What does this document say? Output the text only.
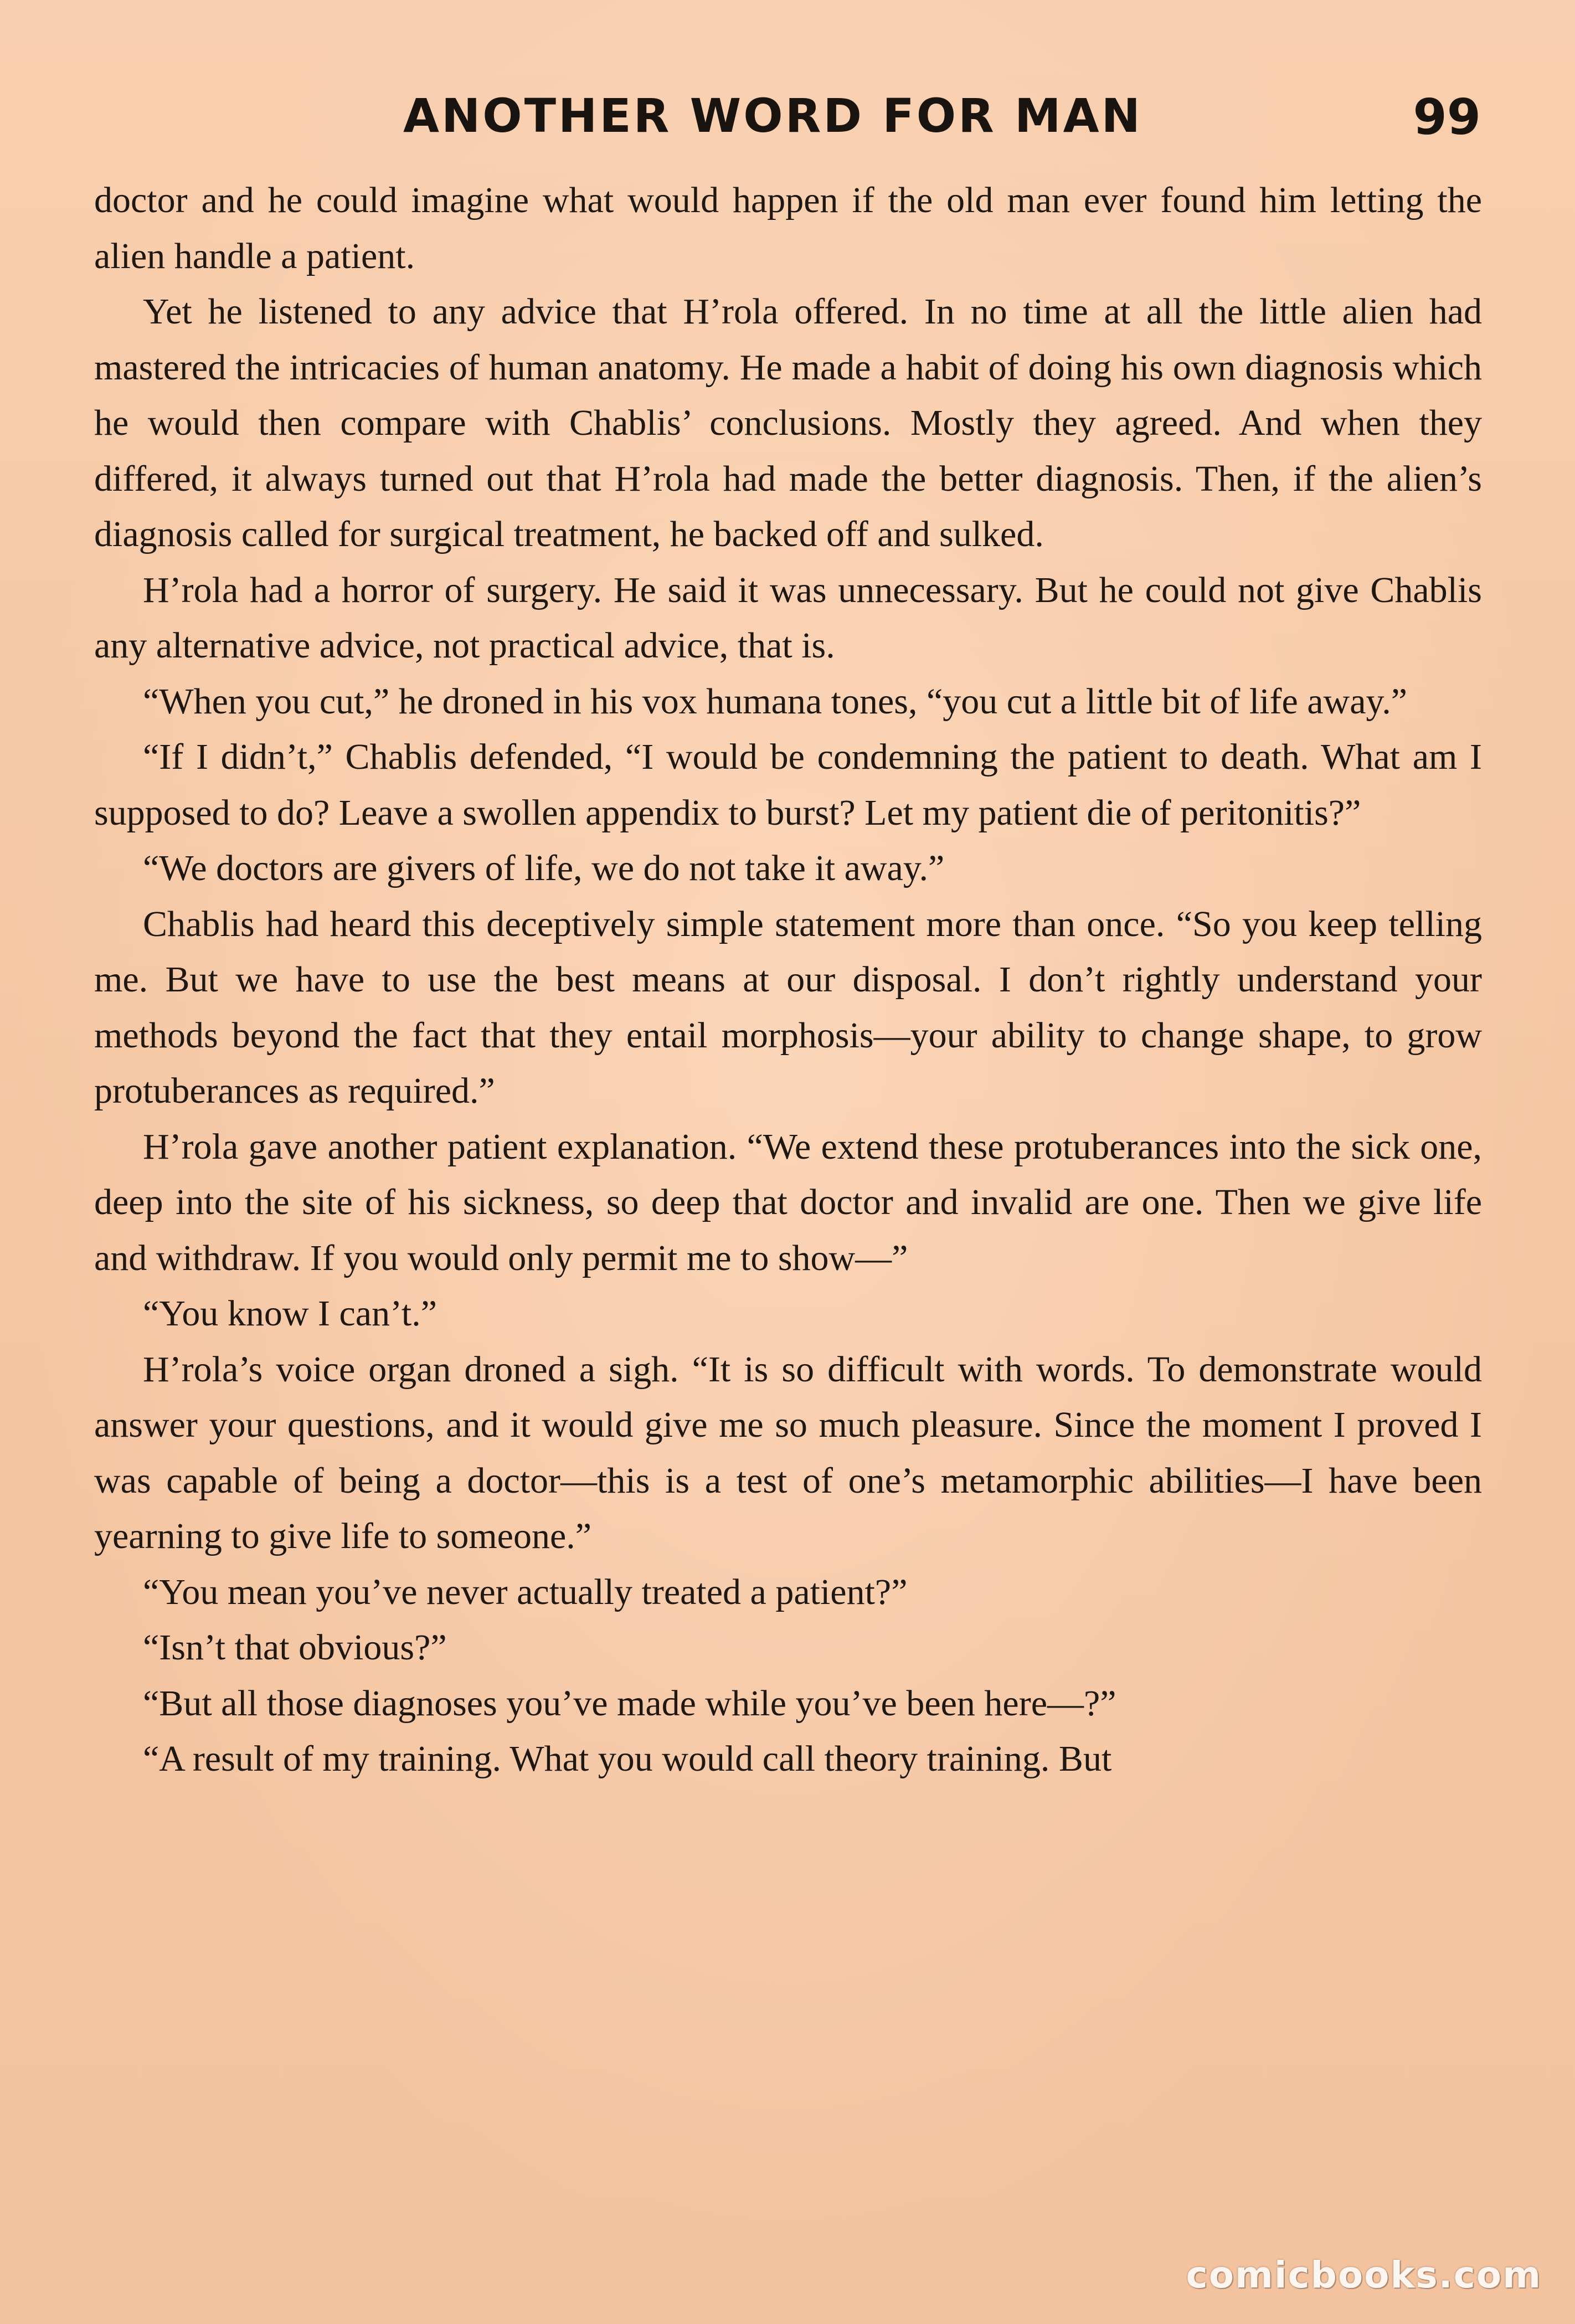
ANOTHER WORD FOR MAN	99

doctor and he could imagine what would happen if the old man ever found him letting the alien handle a patient.

Yet he listened to any advice that H’rola offered. In no time at all the little alien had mastered the intricacies of human anatomy. He made a habit of doing his own diagnosis which he would then compare with Chablis’ conclusions. Mostly they agreed. And when they differed, it always turned out that H’rola had made the better diagnosis. Then, if the alien’s diagnosis called for surgical treatment, he backed off and sulked.

H’rola had a horror of surgery. He said it was unnecessary. But he could not give Chablis any alternative advice, not practical advice, that is.

“When you cut,” he droned in his vox humana tones, “you cut a little bit of life away.”

“If I didn’t,” Chablis defended, “I would be condemning the patient to death. What am I supposed to do? Leave a swollen appendix to burst? Let my patient die of peritonitis?”

“We doctors are givers of life, we do not take it away.”

Chablis had heard this deceptively simple statement more than once. “So you keep telling me. But we have to use the best means at our disposal. I don’t rightly understand your methods beyond the fact that they entail morphosis—your ability to change shape, to grow protuberances as required.”

H’rola gave another patient explanation. “We extend these protuberances into the sick one, deep into the site of his sickness, so deep that doctor and invalid are one. Then we give life and withdraw. If you would only permit me to show—”

“You know I can’t.”

H’rola’s voice organ droned a sigh. “It is so difficult with words. To demonstrate would answer your questions, and it would give me so much pleasure. Since the moment I proved I was capable of being a doctor—this is a test of one’s metamorphic abilities—I have been yearning to give life to someone.”

“You mean you’ve never actually treated a patient?”

“Isn’t that obvious?”

“But all those diagnoses you’ve made while you’ve been here—?”

“A result of my training. What you would call theory training. But

comicbooks.com
